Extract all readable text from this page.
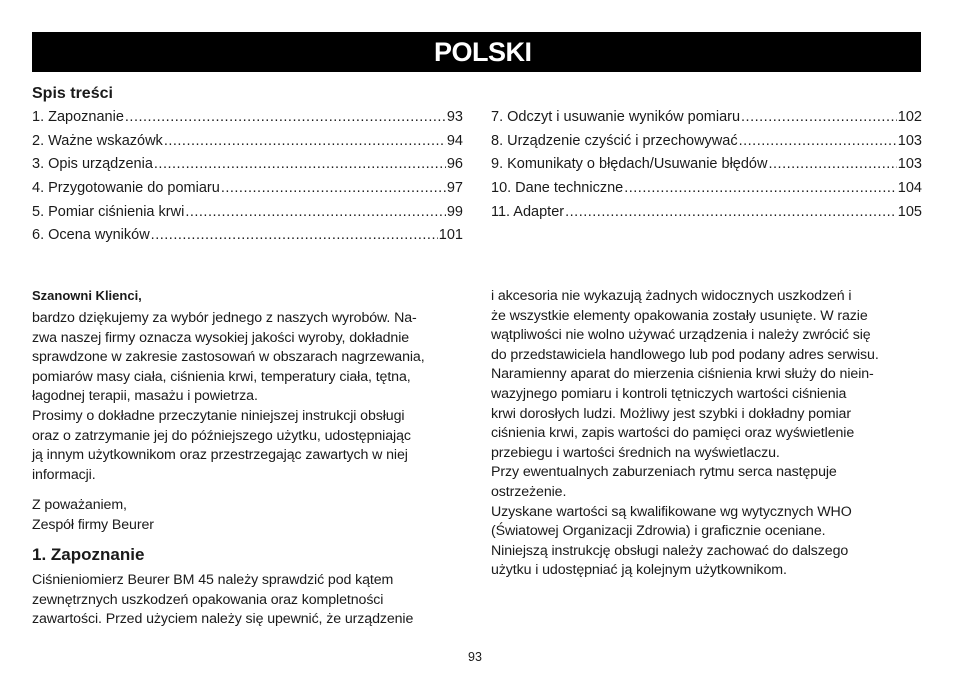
POLSKI
Spis treści
1. Zapoznanie .....	93
2. Ważne wskazówk .....	94
3. Opis urządzenia .....	96
4. Przygotowanie do pomiaru .....	97
5. Pomiar ciśnienia krwi .....	99
6. Ocena wyników .....	101
7. Odczyt i usuwanie wyników pomiaru .....	102
8. Urządzenie czyścić i przechowywać .....	103
9. Komunikaty o błędach/Usuwanie błędów .....	103
10. Dane techniczne .....	104
11. Adapter .....	105
Szanowni Klienci,
bardzo dziękujemy za wybór jednego z naszych wyrobów. Na-
zwa naszej firmy oznacza wysokiej jakości wyroby, dokładnie
sprawdzone w zakresie zastosowań w obszarach nagrzewania,
pomiarów masy ciała, ciśnienia krwi, temperatury ciała, tętna,
łagodnej terapii, masażu i powietrza.
Prosimy o dokładne przeczytanie niniejszej instrukcji obsługi
oraz o zatrzymanie jej do późniejszego użytku, udostępniając
ją innym użytkownikom oraz przestrzegając zawartych w niej
informacji.
Z poważaniem,
Zespół firmy Beurer
1. Zapoznanie
Ciśnieniomierz Beurer BM 45 należy sprawdzić pod kątem
zewnętrznych uszkodzeń opakowania oraz kompletności
zawartości. Przed użyciem należy się upewnić, że urządzenie
i akcesoria nie wykazują żadnych widocznych uszkodzeń i
że wszystkie elementy opakowania zostały usunięte. W razie
wątpliwości nie wolno używać urządzenia i należy zwrócić się
do przedstawiciela handlowego lub pod podany adres serwisu.
Naramienny aparat do mierzenia ciśnienia krwi służy do niein-
wazyjnego pomiaru i kontroli tętniczych wartości ciśnienia
krwi dorosłych ludzi. Możliwy jest szybki i dokładny pomiar
ciśnienia krwi, zapis wartości do pamięci oraz wyświetlenie
przebiegu i wartości średnich na wyświetlaczu.
Przy ewentualnych zaburzeniach rytmu serca następuje
ostrzeżenie.
Uzyskane wartości są kwalifikowane wg wytycznych WHO
(Światowej Organizacji Zdrowia) i graficznie oceniane.
Niniejszą instrukcję obsługi należy zachować do dalszego
użytku i udostępniać ją kolejnym użytkownikom.
93
